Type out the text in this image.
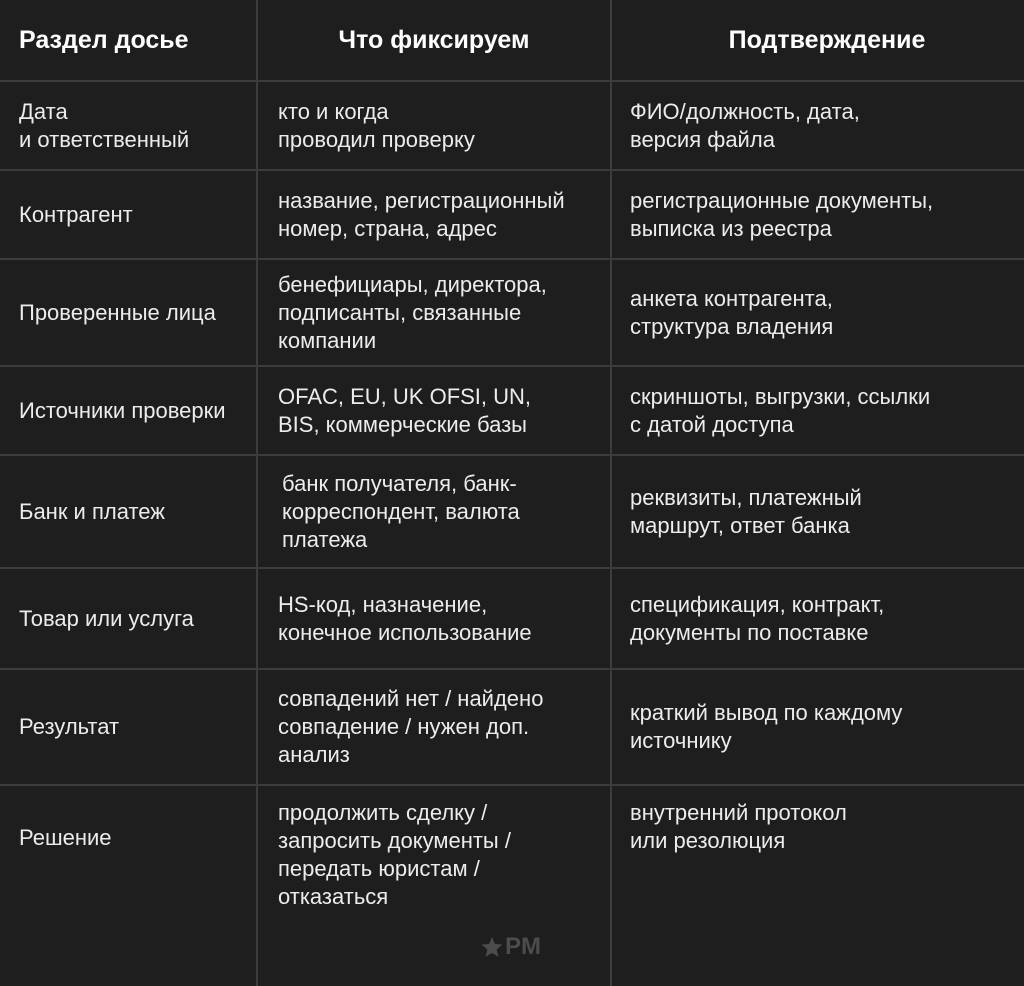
Раздел досье	Что фиксируем	Подтверждение
Дата
и ответственный
кто и когда
проводил проверку
ФИО/должность, дата,
версия файла
Контрагент
название, регистрационный
номер, страна, адрес
регистрационные документы,
выписка из реестра
Проверенные лица
бенефициары, директора,
подписанты, связанные
компании
анкета контрагента,
структура владения
Источники проверки
OFAC, EU, UK OFSI, UN,
BIS, коммерческие базы
скриншоты, выгрузки, ссылки
с датой доступа
Банк и платеж
банк получателя, банк-
корреспондент, валюта
платежа
реквизиты, платежный
маршрут, ответ банка
Товар или услуга
HS-код, назначение,
конечное использование
спецификация, контракт,
документы по поставке
Результат
совпадений нет / найдено
совпадение / нужен доп.
анализ
краткий вывод по каждому
источнику
Решение
продолжить сделку /
запросить документы /
передать юристам /
отказаться
внутренний протокол
или резолюция
PM
